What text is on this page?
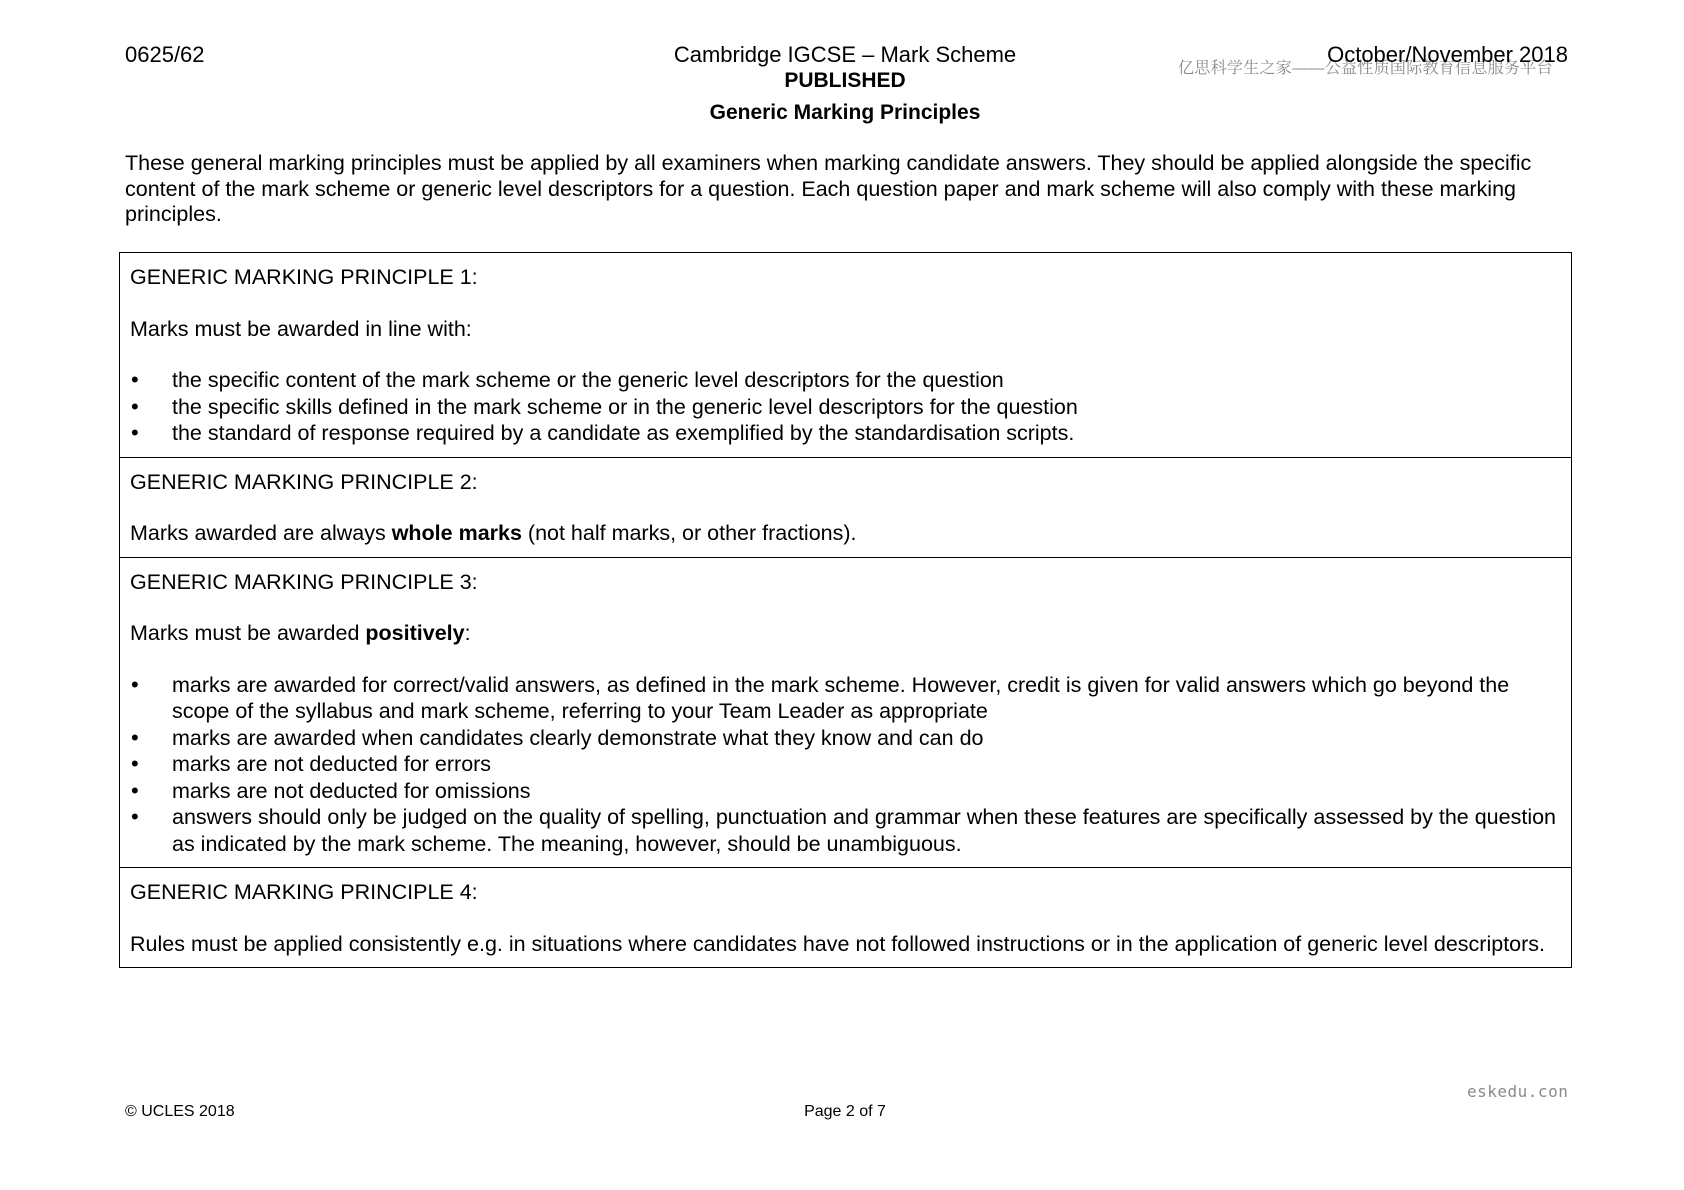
0625/62	Cambridge IGCSE – Mark Scheme
亿思科学生之家——公益性质国际教育信息服务平台
October/November 2018
PUBLISHED
Generic Marking Principles
These general marking principles must be applied by all examiners when marking candidate answers. They should be applied alongside the specific content of the mark scheme or generic level descriptors for a question. Each question paper and mark scheme will also comply with these marking principles.
GENERIC MARKING PRINCIPLE 1:
Marks must be awarded in line with:
• the specific content of the mark scheme or the generic level descriptors for the question
• the specific skills defined in the mark scheme or in the generic level descriptors for the question
• the standard of response required by a candidate as exemplified by the standardisation scripts.
GENERIC MARKING PRINCIPLE 2:
Marks awarded are always whole marks (not half marks, or other fractions).
GENERIC MARKING PRINCIPLE 3:
Marks must be awarded positively:
• marks are awarded for correct/valid answers, as defined in the mark scheme. However, credit is given for valid answers which go beyond the scope of the syllabus and mark scheme, referring to your Team Leader as appropriate
• marks are awarded when candidates clearly demonstrate what they know and can do
• marks are not deducted for errors
• marks are not deducted for omissions
• answers should only be judged on the quality of spelling, punctuation and grammar when these features are specifically assessed by the question as indicated by the mark scheme. The meaning, however, should be unambiguous.
GENERIC MARKING PRINCIPLE 4:
Rules must be applied consistently e.g. in situations where candidates have not followed instructions or in the application of generic level descriptors.
eskedu.con
© UCLES 2018	Page 2 of 7
